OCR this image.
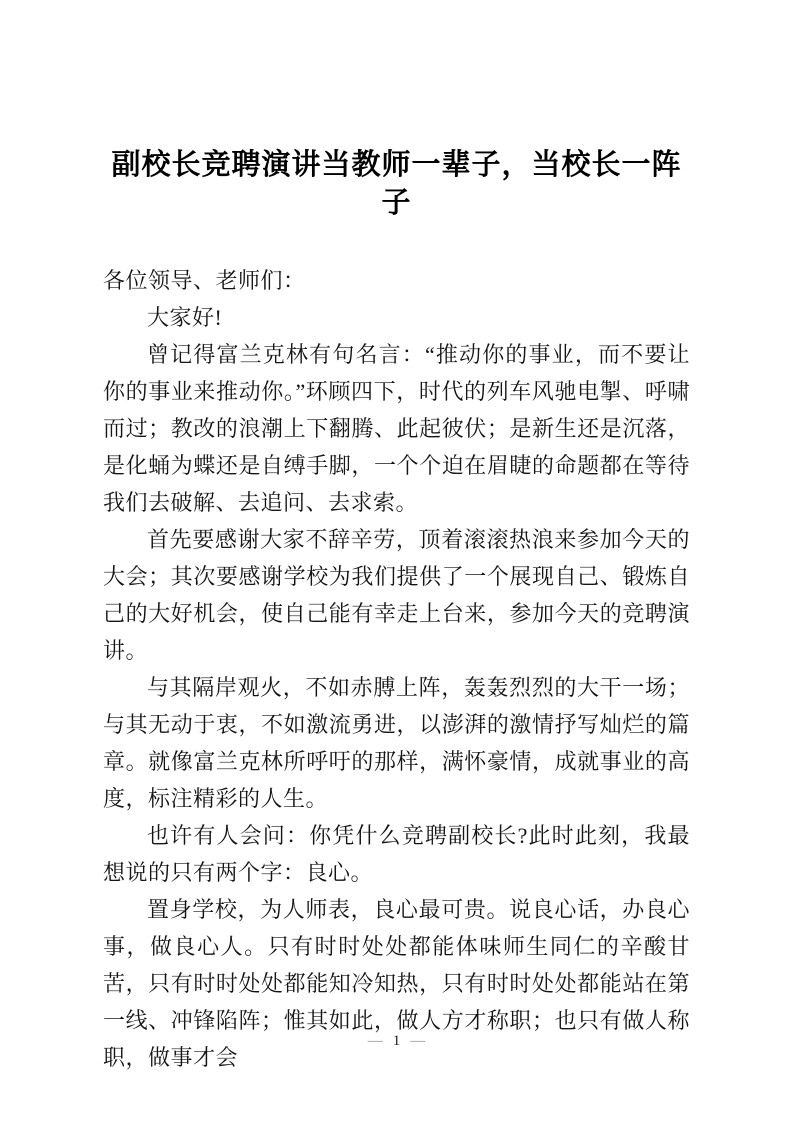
副校长竞聘演讲当教师一辈子，当校长一阵子

各位领导、老师们：

大家好!

曾记得富兰克林有句名言：“推动你的事业，而不要让你的事业来推动你。”环顾四下，时代的列车风驰电掣、呼啸而过；教改的浪潮上下翻腾、此起彼伏；是新生还是沉落，是化蛹为蝶还是自缚手脚，一个个迫在眉睫的命题都在等待我们去破解、去追问、去求索。

首先要感谢大家不辞辛劳，顶着滚滚热浪来参加今天的大会；其次要感谢学校为我们提供了一个展现自己、锻炼自己的大好机会，使自己能有幸走上台来，参加今天的竞聘演讲。

与其隔岸观火，不如赤膊上阵，轰轰烈烈的大干一场；与其无动于衷，不如激流勇进，以澎湃的激情抒写灿烂的篇章。就像富兰克林所呼吁的那样，满怀豪情，成就事业的高度，标注精彩的人生。

也许有人会问：你凭什么竞聘副校长?此时此刻，我最想说的只有两个字：良心。

置身学校，为人师表，良心最可贵。说良心话，办良心事，做良心人。只有时时处处都能体味师生同仁的辛酸甘苦，只有时时处处都能知冷知热，只有时时处处都能站在第一线、冲锋陷阵；惟其如此，做人方才称职；也只有做人称职，做事才会

— 1 —
